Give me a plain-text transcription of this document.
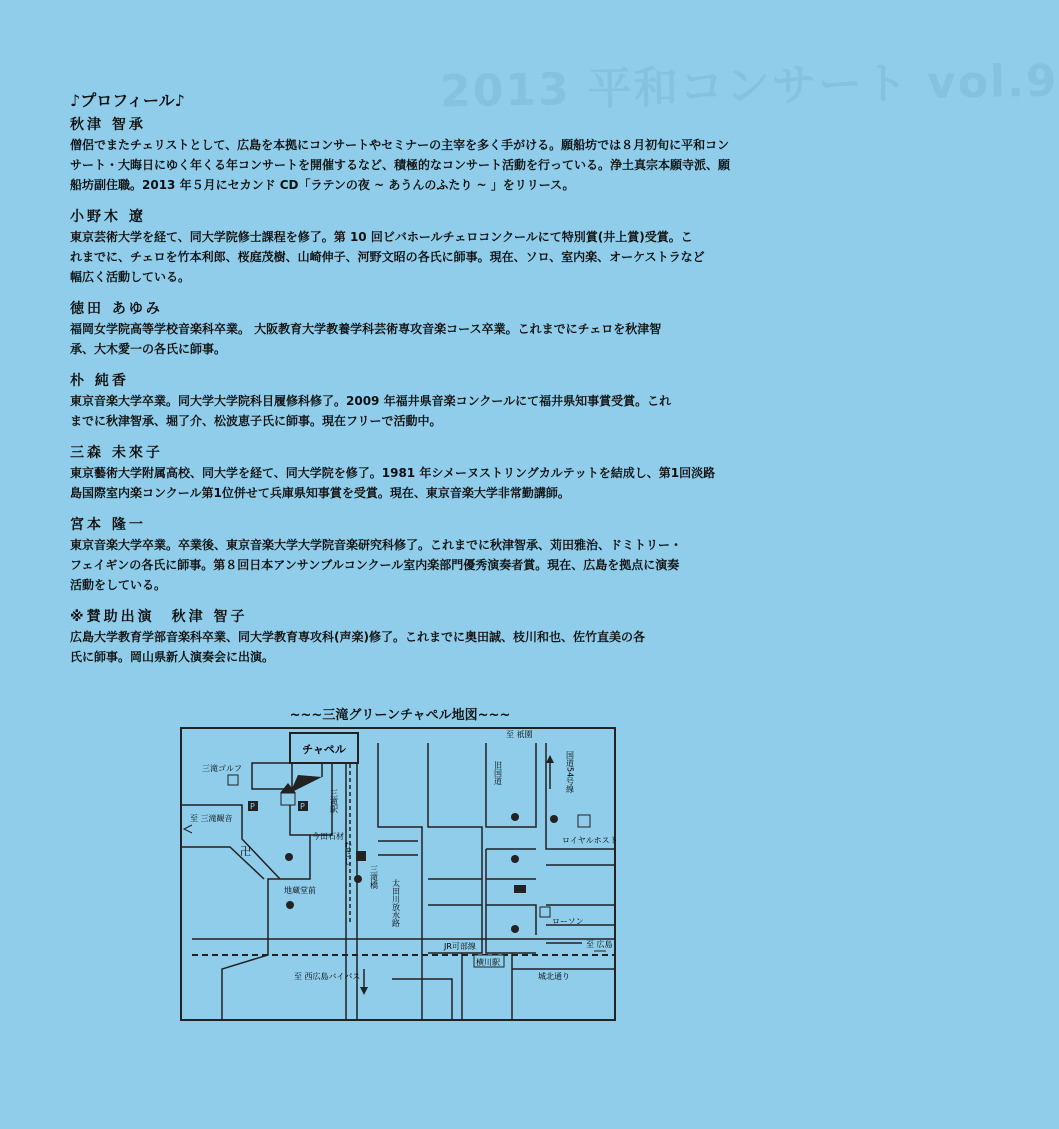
2013 平和コンサート vol.9
♪プロフィール♪
秋津 智承
僧侶でまたチェリストとして、広島を本拠にコンサートやセミナーの主宰を多く手がける。願船坊では８月初旬に平和コン
サート・大晦日にゆく年くる年コンサートを開催するなど、積極的なコンサート活動を行っている。浄土真宗本願寺派、願
船坊副住職。2013 年５月にセカンド CD「ラテンの夜 ~ あうんのふたり ~ 」をリリース。
小野木 遼
東京芸術大学を経て、同大学院修士課程を修了。第 10 回ビバホールチェロコンクールにて特別賞(井上賞)受賞。こ
れまでに、チェロを竹本利郎、桜庭茂樹、山崎伸子、河野文昭の各氏に師事。現在、ソロ、室内楽、オーケストラなど
幅広く活動している。
徳田 あゆみ
福岡女学院高等学校音楽科卒業。 大阪教育大学教養学科芸術専攻音楽コース卒業。これまでにチェロを秋津智
承、大木愛一の各氏に師事。
朴 純香
東京音楽大学卒業。同大学大学院科目履修科修了。2009 年福井県音楽コンクールにて福井県知事賞受賞。これ
までに秋津智承、堀了介、松波恵子氏に師事。現在フリーで活動中。
三森 未來子
東京藝術大学附属高校、同大学を経て、同大学院を修了。1981 年シメーヌストリングカルテットを結成し、第1回淡路
島国際室内楽コンクール第1位併せて兵庫県知事賞を受賞。現在、東京音楽大学非常勤講師。
宮本 隆一
東京音楽大学卒業。卒業後、東京音楽大学大学院音楽研究科修了。これまでに秋津智承、苅田雅治、ドミトリー・
フェイギンの各氏に師事。第８回日本アンサンブルコンクール室内楽部門優秀演奏者賞。現在、広島を拠点に演奏
活動をしている。
※賛助出演　秋津 智子
広島大学教育学部音楽科卒業、同大学教育専攻科(声楽)修了。これまでに奥田誠、枝川和也、佐竹直美の各
氏に師事。岡山県新人演奏会に出演。
~~~三滝グリーンチャペル地図~~~
チャペル
三滝ゴルフ
P	P
至 三滝観音
卍
今田石材
地蔵堂前
三滝駅
むさし
三滝橋
太田川放水路
至 祇園
旧国道	国道54号線
ロイヤルホスト
ローソン
至 広島
JR可部線
横川駅
城北通り
至 西広島バイパス
